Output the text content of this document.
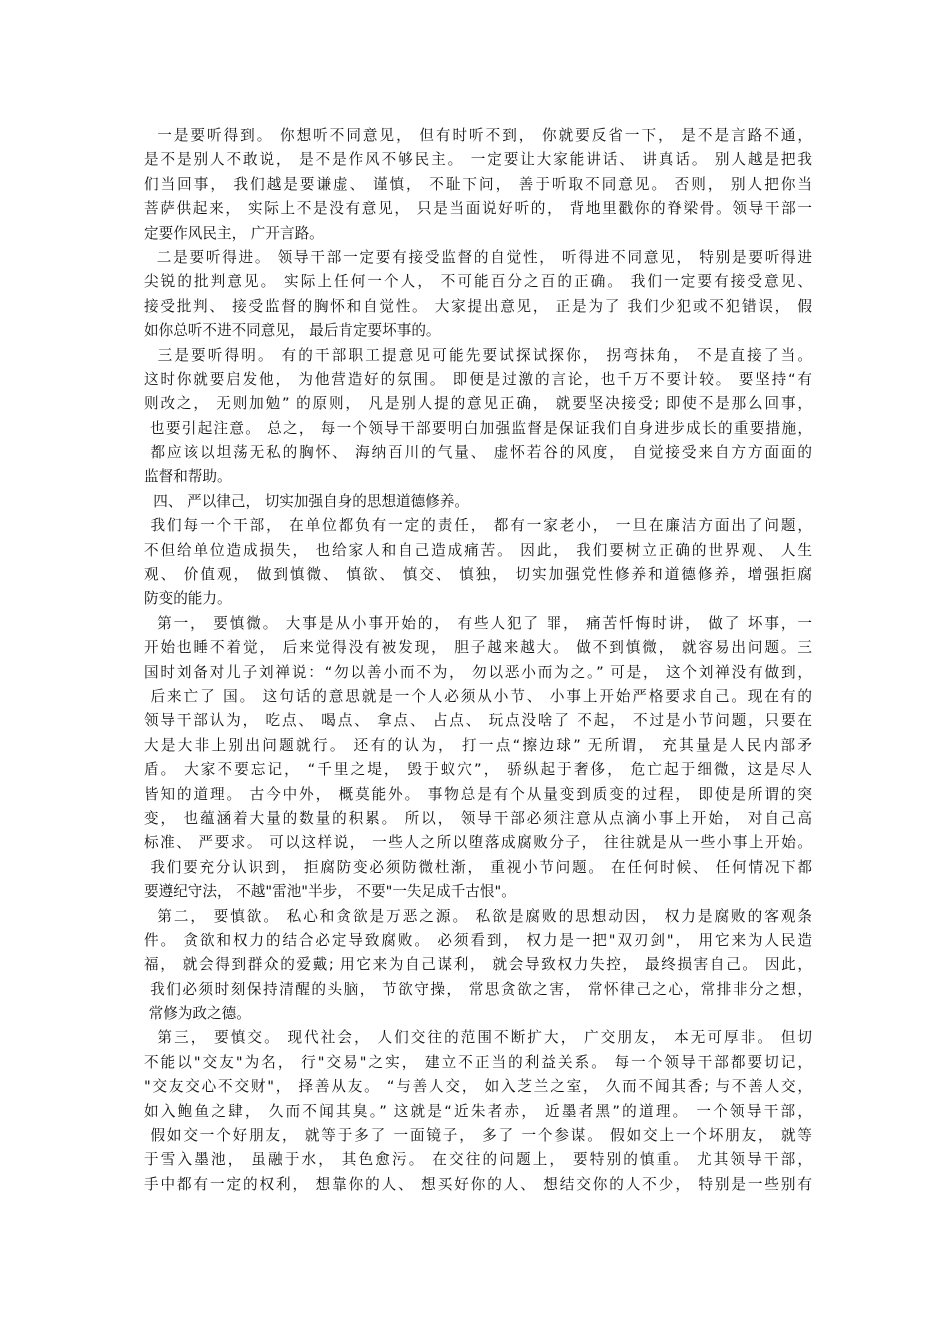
一是要听得到。 你想听不同意见， 但有时听不到， 你就要反省一下， 是不是言路不通，
是不是别人不敢说， 是不是作风不够民主。 一定要让大家能讲话、 讲真话。 别人越是把我
们当回事， 我们越是要谦虚、 谨慎， 不耻下问， 善于听取不同意见。 否则， 别人把你当
菩萨供起来， 实际上不是没有意见， 只是当面说好听的， 背地里戳你的脊梁骨。领导干部一
定要作风民主， 广开言路。
二是要听得进。 领导干部一定要有接受监督的自觉性， 听得进不同意见， 特别是要听得进
尖锐的批判意见。 实际上任何一个人， 不可能百分之百的正确。 我们一定要有接受意见、
接受批判、 接受监督的胸怀和自觉性。 大家提出意见， 正是为了 我们少犯或不犯错误， 假
如你总听不进不同意见， 最后肯定要坏事的。
三是要听得明。 有的干部职工提意见可能先要试探试探你， 拐弯抹角， 不是直接了当。
这时你就要启发他， 为他营造好的氛围。 即便是过激的言论，也千万不要计较。 要坚持“有
则改之， 无则加勉” 的原则， 凡是别人提的意见正确， 就要坚决接受; 即使不是那么回事，
也要引起注意。 总之， 每一个领导干部要明白加强监督是保证我们自身进步成长的重要措施，
都应该以坦荡无私的胸怀、 海纳百川的气量、 虚怀若谷的风度， 自觉接受来自方方面面的
监督和帮助。
四、 严以律己， 切实加强自身的思想道德修养。
我们每一个干部， 在单位都负有一定的责任， 都有一家老小， 一旦在廉洁方面出了问题，
不但给单位造成损失， 也给家人和自己造成痛苦。 因此， 我们要树立正确的世界观、 人生
观、 价值观， 做到慎微、 慎欲、 慎交、 慎独， 切实加强党性修养和道德修养，增强拒腐
防变的能力。
第一， 要慎微。 大事是从小事开始的， 有些人犯了 罪， 痛苦忏悔时讲， 做了 坏事，一
开始也睡不着觉， 后来觉得没有被发现， 胆子越来越大。 做不到慎微， 就容易出问题。三
国时刘备对儿子刘禅说：“勿以善小而不为， 勿以恶小而为之。” 可是， 这个刘禅没有做到，
后来亡了 国。 这句话的意思就是一个人必须从小节、 小事上开始严格要求自己。现在有的
领导干部认为， 吃点、 喝点、 拿点、 占点、 玩点没啥了 不起， 不过是小节问题，只要在
大是大非上别出问题就行。 还有的认为， 打一点“擦边球” 无所谓， 充其量是人民内部矛
盾。 大家不要忘记， “千里之堤， 毁于蚁穴”， 骄纵起于奢侈， 危亡起于细微，这是尽人
皆知的道理。 古今中外， 概莫能外。 事物总是有个从量变到质变的过程， 即使是所谓的突
变， 也蕴涵着大量的数量的积累。 所以， 领导干部必须注意从点滴小事上开始， 对自己高
标准、 严要求。 可以这样说， 一些人之所以堕落成腐败分子， 往往就是从一些小事上开始。
我们要充分认识到， 拒腐防变必须防微杜渐， 重视小节问题。 在任何时候、 任何情况下都
要遵纪守法， 不越"雷池"半步， 不要"一失足成千古恨"。
第二， 要慎欲。 私心和贪欲是万恶之源。 私欲是腐败的思想动因， 权力是腐败的客观条
件。 贪欲和权力的结合必定导致腐败。 必须看到， 权力是一把"双刃剑"， 用它来为人民造
福， 就会得到群众的爱戴; 用它来为自己谋利， 就会导致权力失控， 最终损害自己。 因此，
我们必须时刻保持清醒的头脑， 节欲守操， 常思贪欲之害， 常怀律己之心，常排非分之想，
常修为政之德。
第三， 要慎交。 现代社会， 人们交往的范围不断扩大， 广交朋友， 本无可厚非。 但切
不能以"交友"为名， 行"交易"之实， 建立不正当的利益关系。 每一个领导干部都要切记，
"交友交心不交财"， 择善从友。 “与善人交， 如入芝兰之室， 久而不闻其香; 与不善人交，
如入鲍鱼之肆， 久而不闻其臭。” 这就是“近朱者赤， 近墨者黑”的道理。 一个领导干部，
假如交一个好朋友， 就等于多了 一面镜子， 多了 一个参谋。 假如交上一个坏朋友， 就等
于雪入墨池， 虽融于水， 其色愈污。 在交往的问题上， 要特别的慎重。 尤其领导干部，
手中都有一定的权利， 想靠你的人、 想买好你的人、 想结交你的人不少， 特别是一些别有
